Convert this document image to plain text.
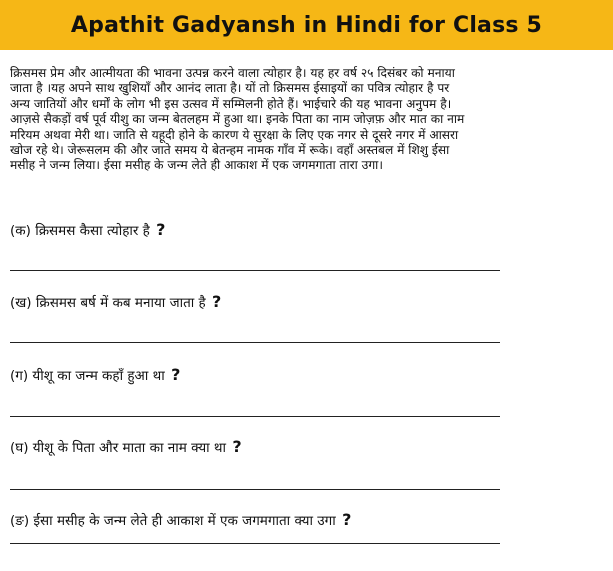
Apathit Gadyansh in Hindi for Class 5
क्रिसमस प्रेम और आत्मीयता की भावना उत्पन्न करने वाला त्योहार है। यह हर वर्ष २५ दिसंबर को मनाया
जाता है ।यह अपने साथ खुशियाँ और आनंद लाता है। यों तो क्रिसमस ईसाइयों का पवित्र त्योहार है पर
अन्य जातियों और धर्मों के लोग भी इस उत्सव में सम्मिलनी होते हैं। भाईचारे की यह भावना अनुपम है।
आज़से सैकड़ों वर्ष पूर्व यीशु का जन्म बेतलहम में हुआ था। इनके पिता का नाम जोज़फ़ और मात का नाम
मरियम अथवा मेरी था। जाति से यहूदी होने के कारण ये सुरक्षा के लिए एक नगर से दूसरे नगर में आसरा
खोज रहे थे। जेरूसलम की और जाते समय ये बेतन्हम नामक गाँव में रूके। वहाँ अस्तबल में शिशु ईसा
मसीह ने जन्म लिया। ईसा मसीह के जन्म लेते ही आकाश में एक जगमगाता तारा उगा।
(क) क्रिसमस कैसा त्योहार है ?
(ख) क्रिसमस बर्ष में कब मनाया जाता है ?
(ग) यीशू का जन्म कहाँ हुआ था ?
(घ) यीशू के पिता और माता का नाम क्या था ?
(ङ) ईसा मसीह के जन्म लेते ही आकाश में एक जगमगाता क्या उगा ?
